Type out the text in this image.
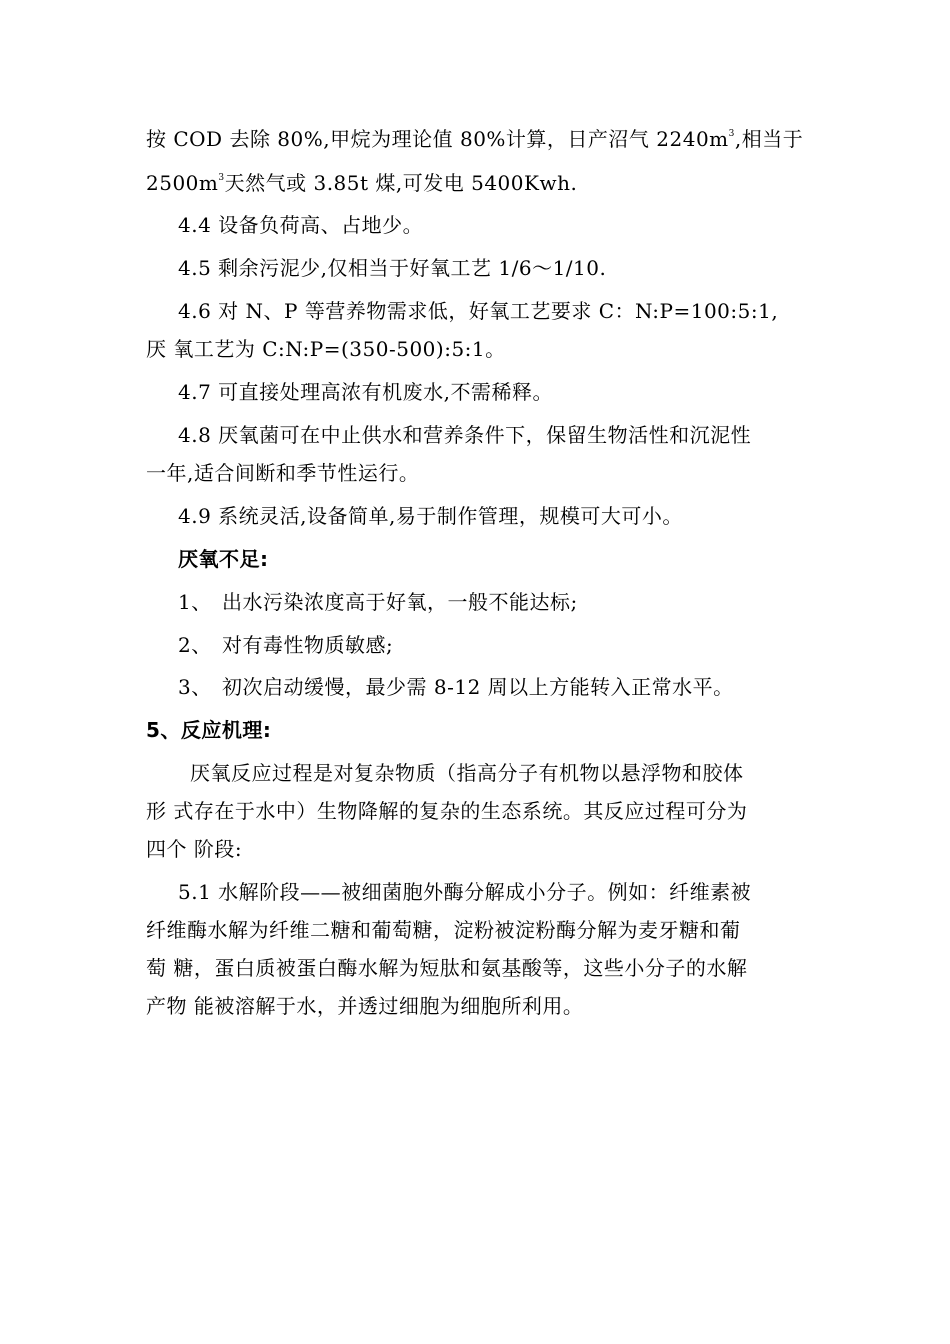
按 COD 去除 80%,甲烷为理论值 80%计算，日产沼气 $2240m^3$,相当于
$2500m^3$天然气或 3.85t 煤,可发电 5400Kwh.
4.4 设备负荷高、占地少。
4.5 剩余污泥少,仅相当于好氧工艺 1/6～1/10.
4.6 对 N、P 等营养物需求低，好氧工艺要求 C：N:P=100:5:1,
厌 氧工艺为 C:N:P=(350-500):5:1。
4.7 可直接处理高浓有机废水,不需稀释。
4.8 厌氧菌可在中止供水和营养条件下，保留生物活性和沉泥性
一年,适合间断和季节性运行。
4.9 系统灵活,设备简单,易于制作管理，规模可大可小。
厌氧不足:
1、 出水污染浓度高于好氧，一般不能达标;
2、 对有毒性物质敏感;
3、 初次启动缓慢，最少需 8-12 周以上方能转入正常水平。
5、反应机理:
厌氧反应过程是对复杂物质（指高分子有机物以悬浮物和胶体
形 式存在于水中）生物降解的复杂的生态系统。其反应过程可分为
四个 阶段:
5.1 水解阶段——被细菌胞外酶分解成小分子。例如：纤维素被
纤维酶水解为纤维二糖和葡萄糖，淀粉被淀粉酶分解为麦牙糖和葡
萄 糖，蛋白质被蛋白酶水解为短肽和氨基酸等，这些小分子的水解
产物 能被溶解于水，并透过细胞为细胞所利用。
